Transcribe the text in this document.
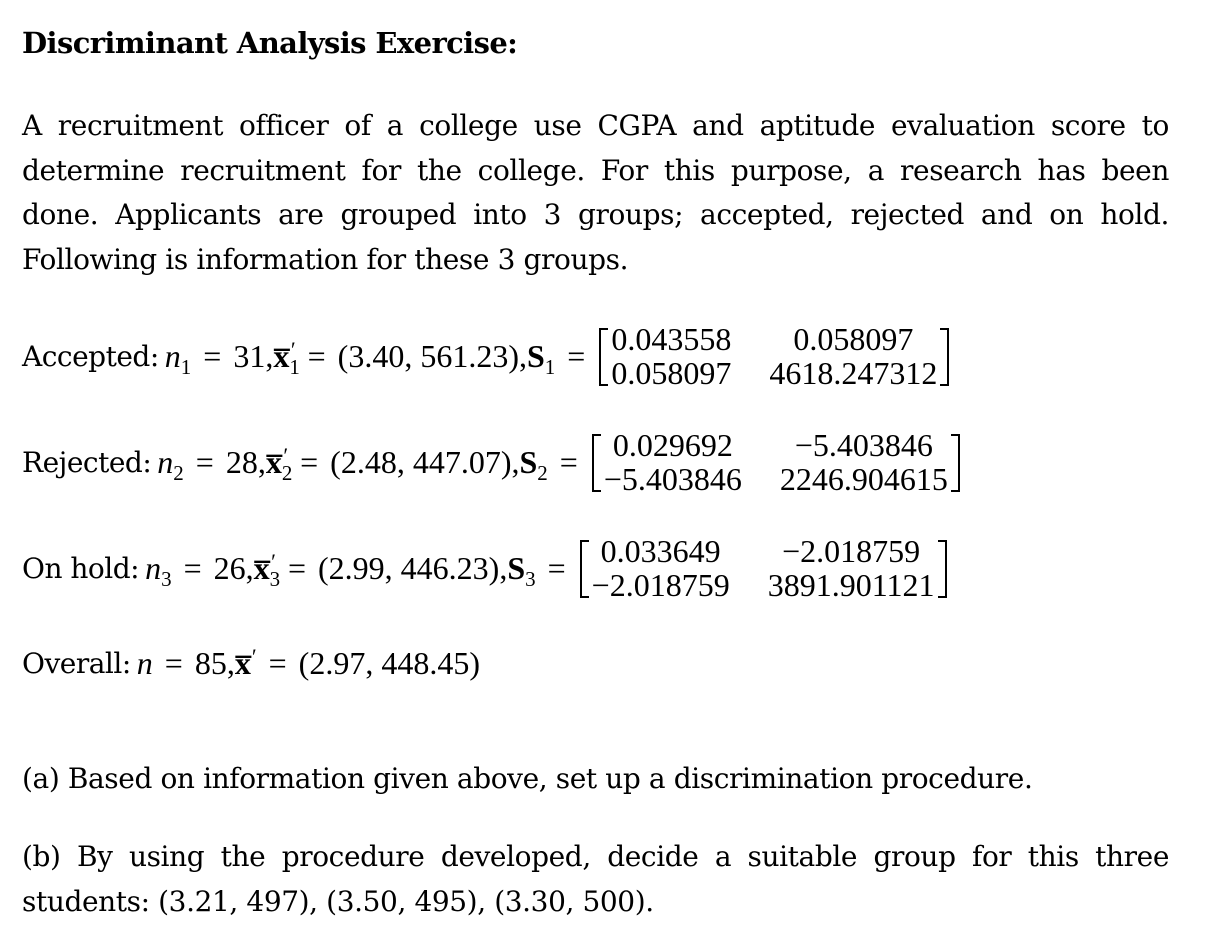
Discriminant Analysis Exercise:
A recruitment officer of a college use CGPA and aptitude evaluation score to determine recruitment for the college. For this purpose, a research has been done. Applicants are grouped into 3 groups; accepted, rejected and on hold. Following is information for these 3 groups.
Accepted: $n_1$ = $31,x̅_1' = (3.40$, $561.23),S_1 = 0.043558$	0.058097
0.058097 4618.247312
Rejected: $n_2$ = $28,x̅_2' = (2.48$, $447.07),S_2$ =	0.029692	−5.403846
−5.403846 2246.904615
On hold: $n_3$ = $26,x̅_3' = (2.99$, $446.23),S_3$ =	0.033649	−2.018759
−2.018759 3891.901121
Overall: n = 85,x̅′ = (2.97, 448.45)
(a) Based on information given above, set up a discrimination procedure.
(b) By using the procedure developed, decide a suitable group for this three students: (3.21, 497), (3.50, 495), (3.30, 500).
